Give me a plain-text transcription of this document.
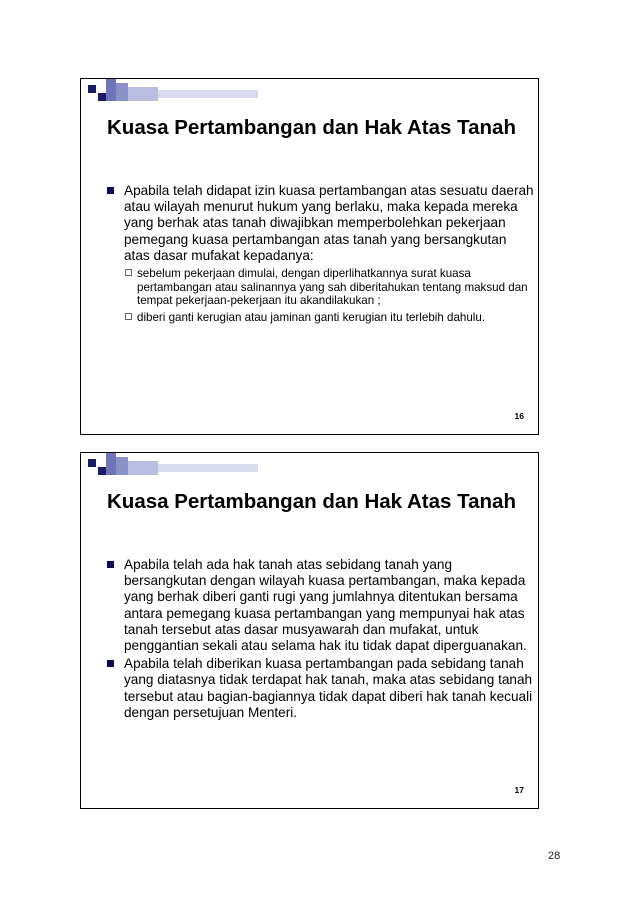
Kuasa Pertambangan dan Hak Atas Tanah
Apabila telah didapat izin kuasa pertambangan atas sesuatu daerah atau wilayah menurut hukum yang berlaku, maka kepada mereka yang berhak atas tanah diwajibkan memperbolehkan pekerjaan pemegang kuasa pertambangan atas tanah yang bersangkutan atas dasar mufakat kepadanya:
sebelum pekerjaan dimulai, dengan diperlihatkannya surat kuasa pertambangan atau salinannya yang sah diberitahukan tentang maksud dan tempat pekerjaan-pekerjaan itu akandilakukan ;
diberi ganti kerugian atau jaminan ganti kerugian itu terlebih dahulu.
16
Kuasa Pertambangan dan Hak Atas Tanah
Apabila telah ada hak tanah atas sebidang tanah yang bersangkutan dengan wilayah kuasa pertambangan, maka kepada yang berhak diberi ganti rugi yang jumlahnya ditentukan bersama antara pemegang kuasa pertambangan yang mempunyai hak atas tanah tersebut atas dasar musyawarah dan mufakat, untuk penggantian sekali atau selama hak itu tidak dapat diperguanakan.
Apabila telah diberikan kuasa pertambangan pada sebidang tanah yang diatasnya tidak terdapat hak tanah, maka atas sebidang tanah tersebut atau bagian-bagiannya tidak dapat diberi hak tanah kecuali dengan persetujuan Menteri.
17
28
